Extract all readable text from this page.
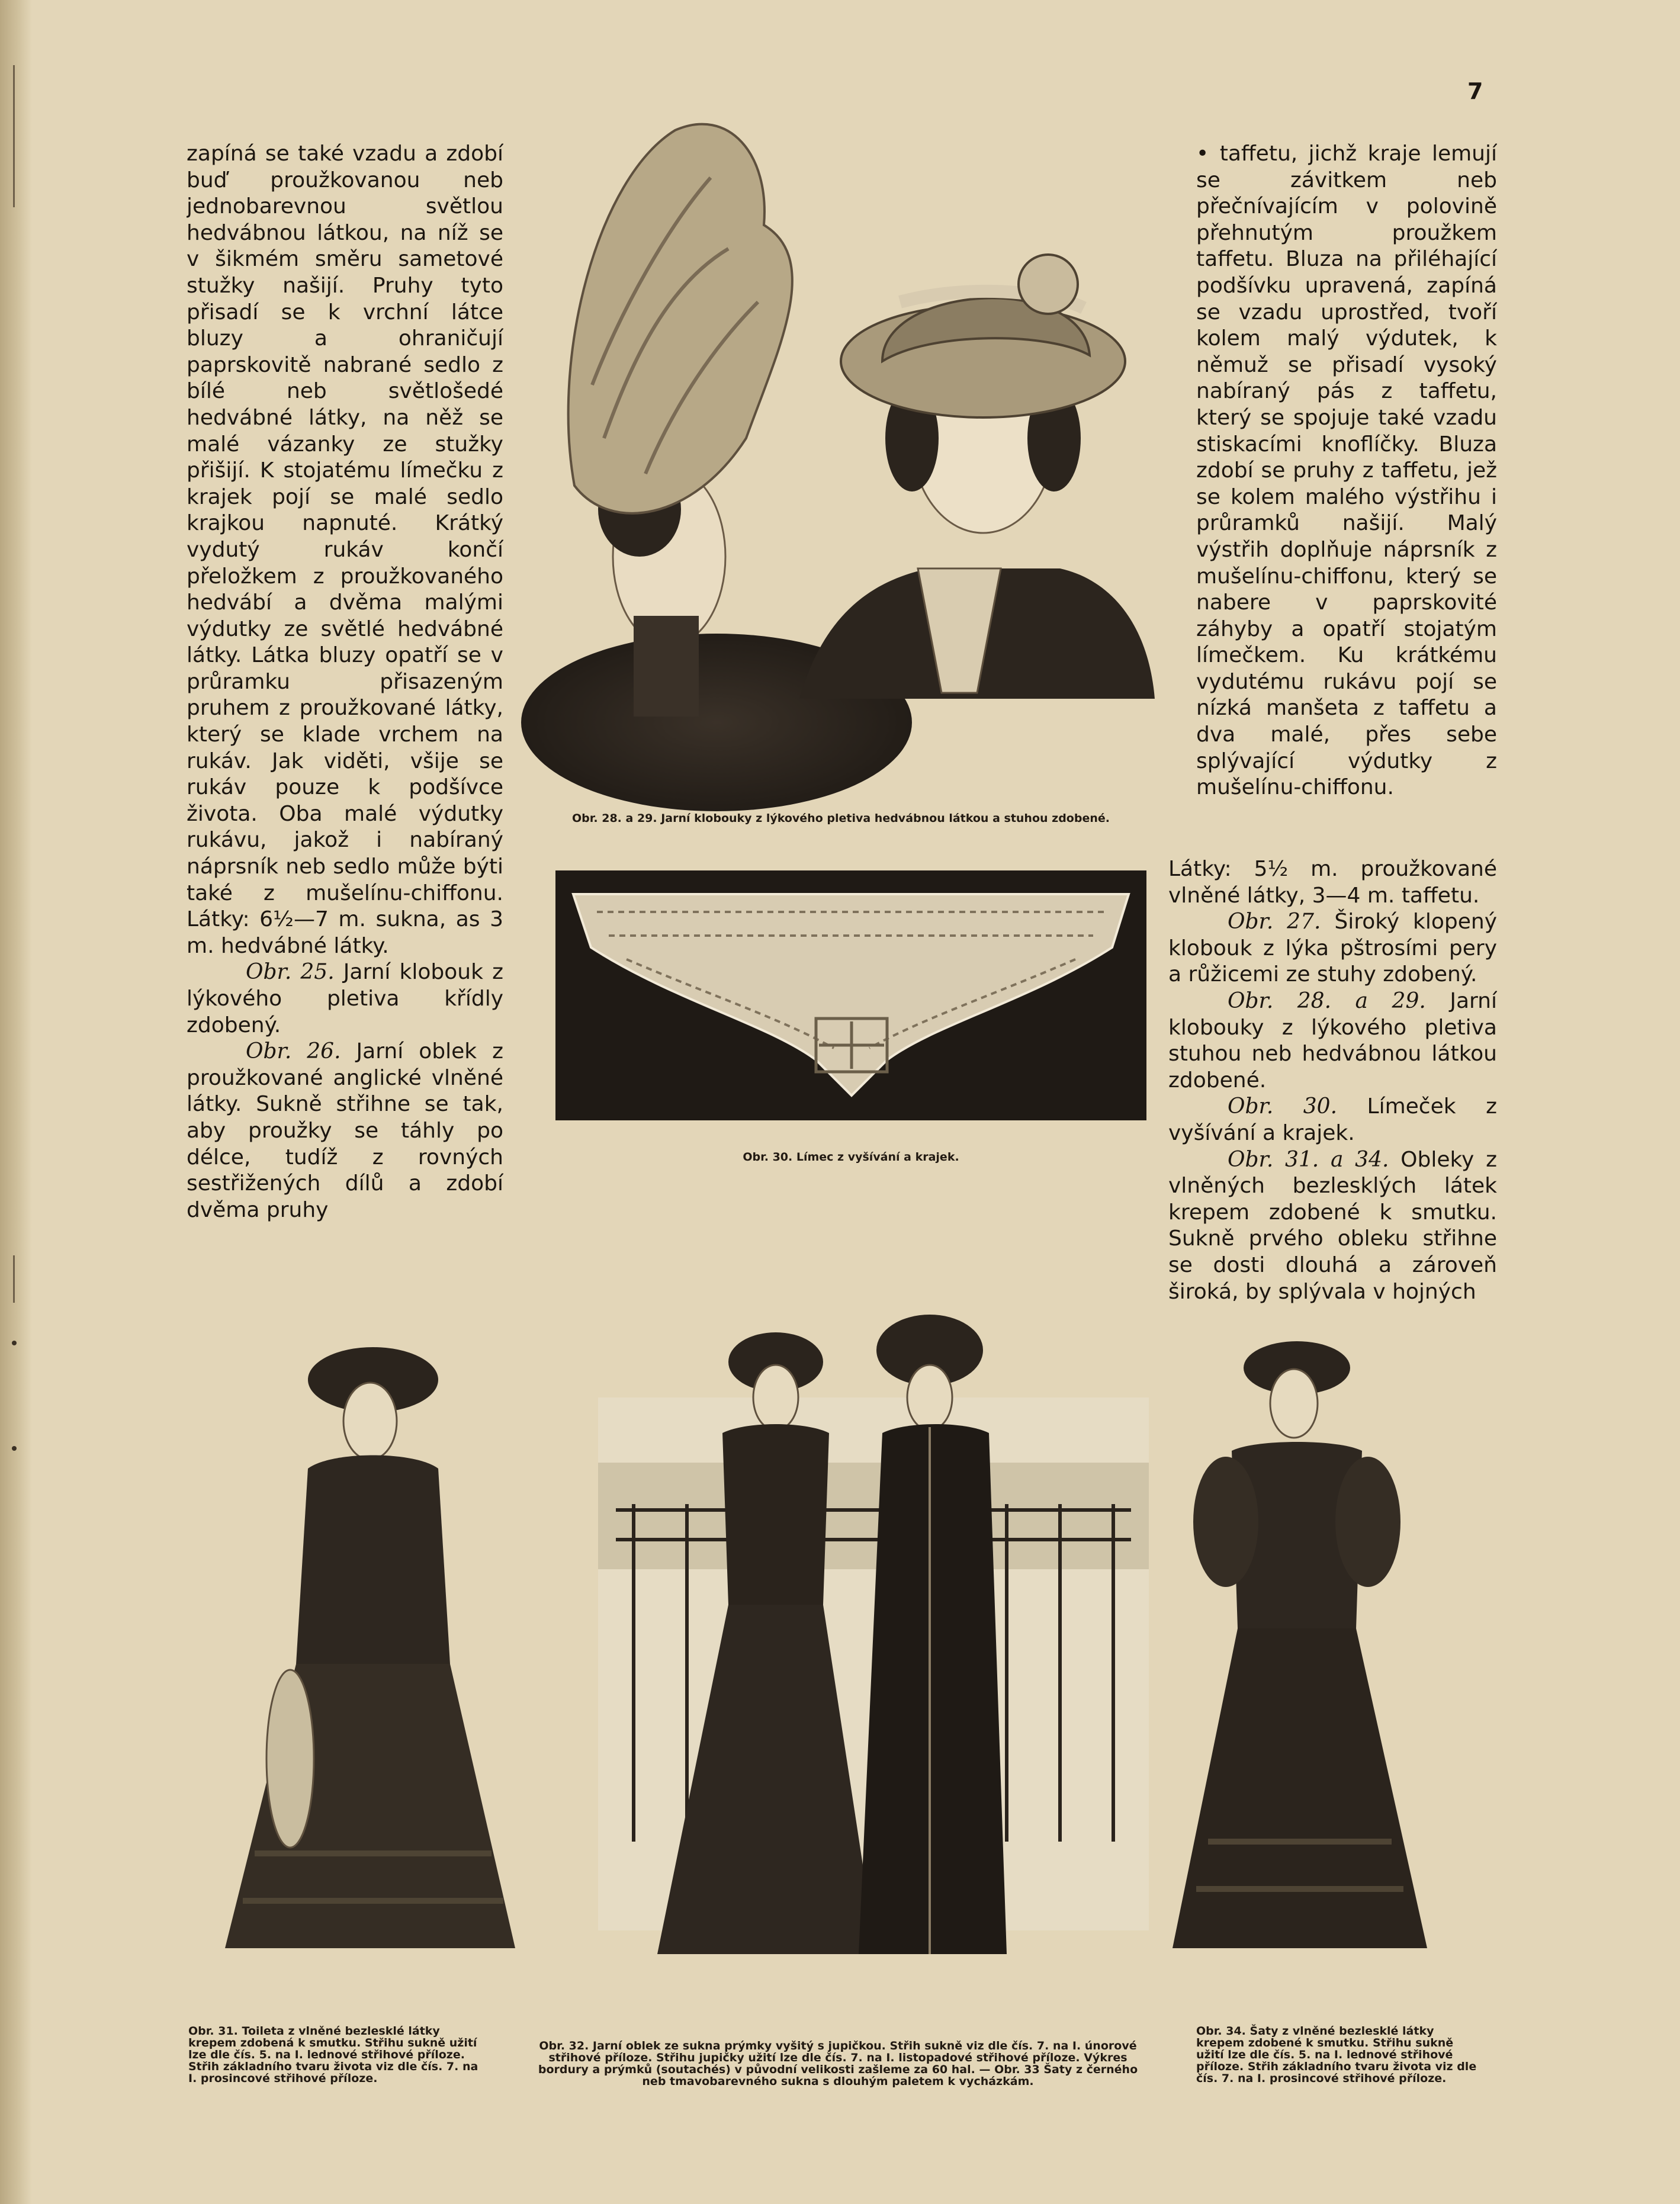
7

zapíná se také vzadu a zdobí buď proužkovanou neb jednobarevnou světlou hedvábnou látkou, na níž se v šikmém směru sametové stužky našijí. Pruhy tyto přisadí se k vrchní látce bluzy a ohraničují paprskovitě nabrané sedlo z bílé neb světlošedé hedvábné látky, na něž se malé vázanky ze stužky přišijí. K stojatému límečku z krajek pojí se malé sedlo krajkou napnuté. Krátký vydutý rukáv končí přeložkem z proužkovaného hedvábí a dvěma malými výdutky ze světlé hedvábné látky. Látka bluzy opatří se v průramku přisazeným pruhem z proužkované látky, který se klade vrchem na rukáv. Jak viděti, všije se rukáv pouze k podšívce života. Oba malé výdutky rukávu, jakož i nabíraný náprsník neb sedlo může býti také z mušelínu-chiffonu. Látky: 6½—7 m. sukna, as 3 m. hedvábné látky.

Obr. 25. Jarní klobouk z lýkového pletiva křídly zdobený.

Obr. 26. Jarní oblek z proužkované anglické vlněné látky. Sukně střihne se tak, aby proužky se táhly po délce, tudíž z rovných sestřižených dílů a zdobí dvěma pruhy

• taffetu, jichž kraje lemují se závitkem neb přečnívajícím v polovině přehnutým proužkem taffetu. Bluza na přiléhající podšívku upravená, zapíná se vzadu uprostřed, tvoří kolem malý výdutek, k němuž se přisadí vysoký nabíraný pás z taffetu, který se spojuje také vzadu stiskacími knoflíčky. Bluza zdobí se pruhy z taffetu, jež se kolem malého výstřihu i průramků našijí. Malý výstřih doplňuje náprsník z mušelínu-chiffonu, který se nabere v paprskovité záhyby a opatří stojatým límečkem. Ku krátkému vydutému rukávu pojí se nízká manšeta z taffetu a dva malé, přes sebe splývající výdutky z mušelínu-chiffonu.

Látky: 5½ m. proužkované vlněné látky, 3—4 m. taffetu.

Obr. 27. Široký klopený klobouk z lýka pštrosími pery a růžicemi ze stuhy zdobený.

Obr. 28. a 29. Jarní klobouky z lýkového pletiva stuhou neb hedvábnou látkou zdobené.

Obr. 30. Límeček z vyšívání a krajek.

Obr. 31. a 34. Obleky z vlněných bezlesklých látek krepem zdobené k smutku. Sukně prvého obleku střihne se dosti dlouhá a zároveň široká, by splývala v hojných

Obr. 28. a 29. Jarní klobouky z lýkového pletiva hedvábnou látkou a stuhou zdobené.
Obr. 30. Límec z vyšívání a krajek.
Obr. 31. Toileta z vlněné bezlesklé látky krepem zdobená k smutku. Střihu sukně užití lze dle čís. 5. na I. lednové střihové příloze. Střih základního tvaru života viz dle čís. 7. na I. prosincové střihové příloze.
Obr. 32. Jarní oblek ze sukna prýmky vyšitý s jupičkou. Střih sukně viz dle čís. 7. na I. únorové střihové příloze. Střihu jupičky užití lze dle čís. 7. na I. listopadové střihové příloze. Výkres bordury a prýmků (soutachés) v původní velikosti zašleme za 60 hal. — Obr. 33 Šaty z černého neb tmavobarevného sukna s dlouhým paletem k vycházkám.
Obr. 34. Šaty z vlněné bezlesklé látky krepem zdobené k smutku. Střihu sukně užití lze dle čís. 5. na I. lednové střihové příloze. Střih základního tvaru života viz dle čís. 7. na I. prosincové střihové příloze.
